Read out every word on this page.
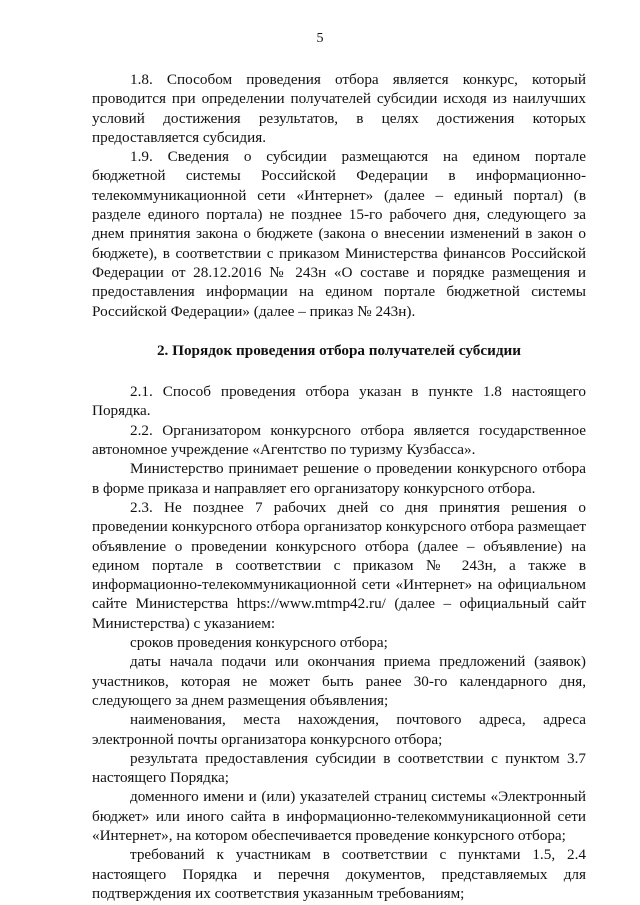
5

1.8. Способом проведения отбора является конкурс, который проводится при определении получателей субсидии исходя из наилучших условий достижения результатов, в целях достижения которых предоставляется субсидия.

1.9. Сведения о субсидии размещаются на едином портале бюджетной системы Российской Федерации в информационно-телекоммуникационной сети «Интернет» (далее – единый портал) (в разделе единого портала) не позднее 15-го рабочего дня, следующего за днем принятия закона о бюджете (закона о внесении изменений в закон о бюджете), в соответствии с приказом Министерства финансов Российской Федерации от 28.12.2016 № 243н «О составе и порядке размещения и предоставления информации на едином портале бюджетной системы Российской Федерации» (далее – приказ № 243н).

2. Порядок проведения отбора получателей субсидии

2.1. Способ проведения отбора указан в пункте 1.8 настоящего Порядка.

2.2. Организатором конкурсного отбора является государственное автономное учреждение «Агентство по туризму Кузбасса».

Министерство принимает решение о проведении конкурсного отбора в форме приказа и направляет его организатору конкурсного отбора.

2.3. Не позднее 7 рабочих дней со дня принятия решения о проведении конкурсного отбора организатор конкурсного отбора размещает объявление о проведении конкурсного отбора (далее – объявление) на едином портале в соответствии с приказом № 243н, а также в информационно-телекоммуникационной сети «Интернет» на официальном сайте Министерства https://www.mtmp42.ru/ (далее – официальный сайт Министерства) с указанием:

сроков проведения конкурсного отбора;

даты начала подачи или окончания приема предложений (заявок) участников, которая не может быть ранее 30-го календарного дня, следующего за днем размещения объявления;

наименования, места нахождения, почтового адреса, адреса электронной почты организатора конкурсного отбора;

результата предоставления субсидии в соответствии с пунктом 3.7 настоящего Порядка;

доменного имени и (или) указателей страниц системы «Электронный бюджет» или иного сайта в информационно-телекоммуникационной сети «Интернет», на котором обеспечивается проведение конкурсного отбора;

требований к участникам в соответствии с пунктами 1.5, 2.4 настоящего Порядка и перечня документов, представляемых для подтверждения их соответствия указанным требованиям;
